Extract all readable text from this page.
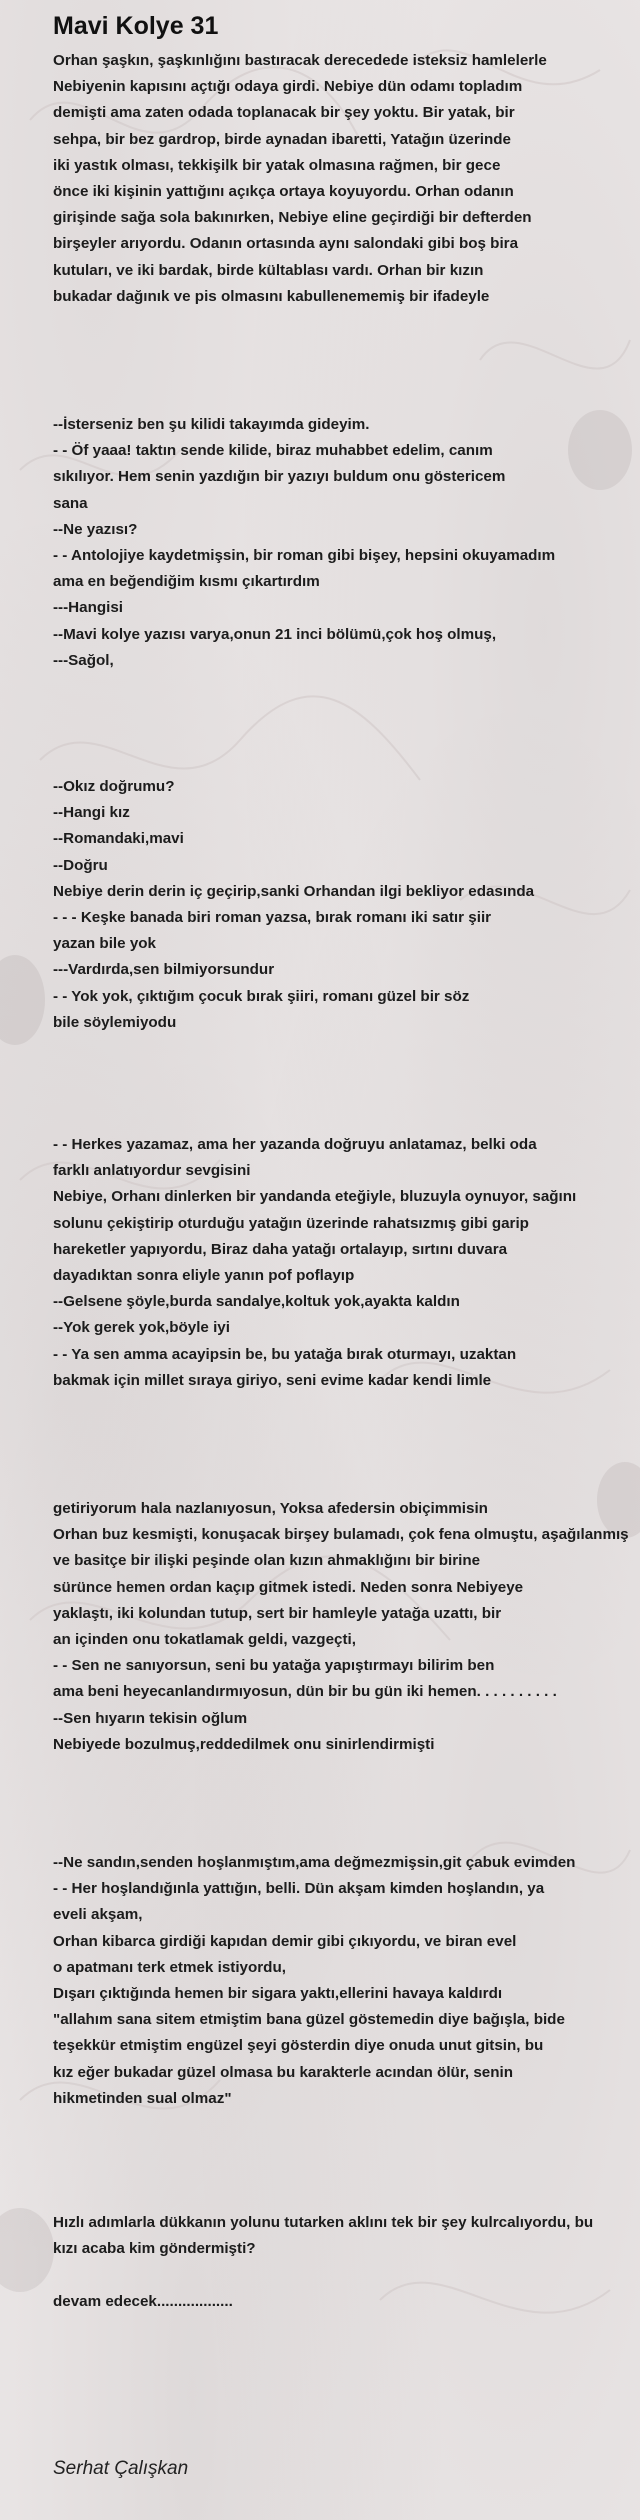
Mavi Kolye 31
Orhan şaşkın, şaşkınlığını bastıracak derecedede isteksiz hamlelerle
Nebiyenin kapısını açtığı odaya girdi. Nebiye dün odamı topladım
demişti ama zaten odada toplanacak bir şey yoktu. Bir yatak, bir
sehpa, bir bez gardrop, birde aynadan ibaretti, Yatağın üzerinde
iki yastık olması, tekkişilk bir yatak olmasına rağmen, bir gece
önce iki kişinin yattığını açıkça ortaya koyuyordu. Orhan odanın
girişinde sağa sola bakınırken, Nebiye eline geçirdiği bir defterden
birşeyler arıyordu. Odanın ortasında aynı salondaki gibi boş bira
kutuları, ve iki bardak, birde kültablası vardı. Orhan bir kızın
bukadar dağınık ve pis olmasını kabullenememiş bir ifadeyle
--İsterseniz ben şu kilidi takayımda gideyim.
- - Öf yaaa! taktın sende kilide, biraz muhabbet edelim, canım
sıkılıyor. Hem senin yazdığın bir yazıyı buldum onu göstericem
sana
--Ne yazısı?
- - Antolojiye kaydetmişsin, bir roman gibi bişey, hepsini okuyamadım
ama en beğendiğim kısmı çıkartırdım
---Hangisi
--Mavi kolye yazısı varya,onun 21 inci bölümü,çok hoş olmuş,
---Sağol,
--Okız doğrumu?
--Hangi kız
--Romandaki,mavi
--Doğru
Nebiye derin derin iç geçirip,sanki Orhandan ilgi bekliyor edasında
- - - Keşke banada biri roman yazsa, bırak romanı iki satır şiir
yazan bile yok
---Vardırda,sen bilmiyorsundur
- - Yok yok, çıktığım çocuk bırak şiiri, romanı güzel bir söz
bile söylemiyodu
- - Herkes yazamaz, ama her yazanda doğruyu anlatamaz, belki oda
farklı anlatıyordur sevgisini
Nebiye, Orhanı dinlerken bir yandanda eteğiyle, bluzuyla oynuyor, sağını
solunu çekiştirip oturduğu yatağın üzerinde rahatsızmış gibi garip
hareketler yapıyordu, Biraz daha yatağı ortalayıp, sırtını duvara
dayadıktan sonra eliyle yanın pof poflayıp
--Gelsene şöyle,burda sandalye,koltuk yok,ayakta kaldın
--Yok gerek yok,böyle iyi
- - Ya sen amma acayipsin be, bu yatağa bırak oturmayı, uzaktan
bakmak için millet sıraya giriyo, seni evime kadar kendi limle
getiriyorum hala nazlanıyosun, Yoksa afedersin obiçimmisin
Orhan buz kesmişti, konuşacak birşey bulamadı, çok fena olmuştu, aşağılanmış
ve basitçe bir ilişki peşinde olan kızın ahmaklığını bir birine
sürünce hemen ordan kaçıp gitmek istedi. Neden sonra Nebiyeye
yaklaştı, iki kolundan tutup, sert bir hamleyle yatağa uzattı, bir
an içinden onu tokatlamak geldi, vazgeçti,
- - Sen ne sanıyorsun, seni bu yatağa yapıştırmayı bilirim ben
ama beni heyecanlandırmıyosun, dün bir bu gün iki hemen. . . . . . . . . .
--Sen hıyarın tekisin oğlum
Nebiyede bozulmuş,reddedilmek onu sinirlendirmişti
--Ne sandın,senden hoşlanmıştım,ama değmezmişsin,git çabuk evimden
- - Her hoşlandığınla yattığın, belli. Dün akşam kimden hoşlandın, ya
eveli akşam,
Orhan kibarca girdiği kapıdan demir gibi çıkıyordu, ve biran evel
o apatmanı terk etmek istiyordu,
Dışarı çıktığında hemen bir sigara yaktı,ellerini havaya kaldırdı
"allahım sana sitem etmiştim bana güzel göstemedin diye bağışla, bide
teşekkür etmiştim engüzel şeyi gösterdin diye onuda unut gitsin, bu
kız eğer bukadar güzel olmasa bu karakterle acından ölür, senin
hikmetinden sual olmaz"
Hızlı adımlarla dükkanın yolunu tutarken aklını tek bir şey kulrcalıyordu, bu
kızı acaba kim göndermişti?

devam edecek..................
Serhat Çalışkan
